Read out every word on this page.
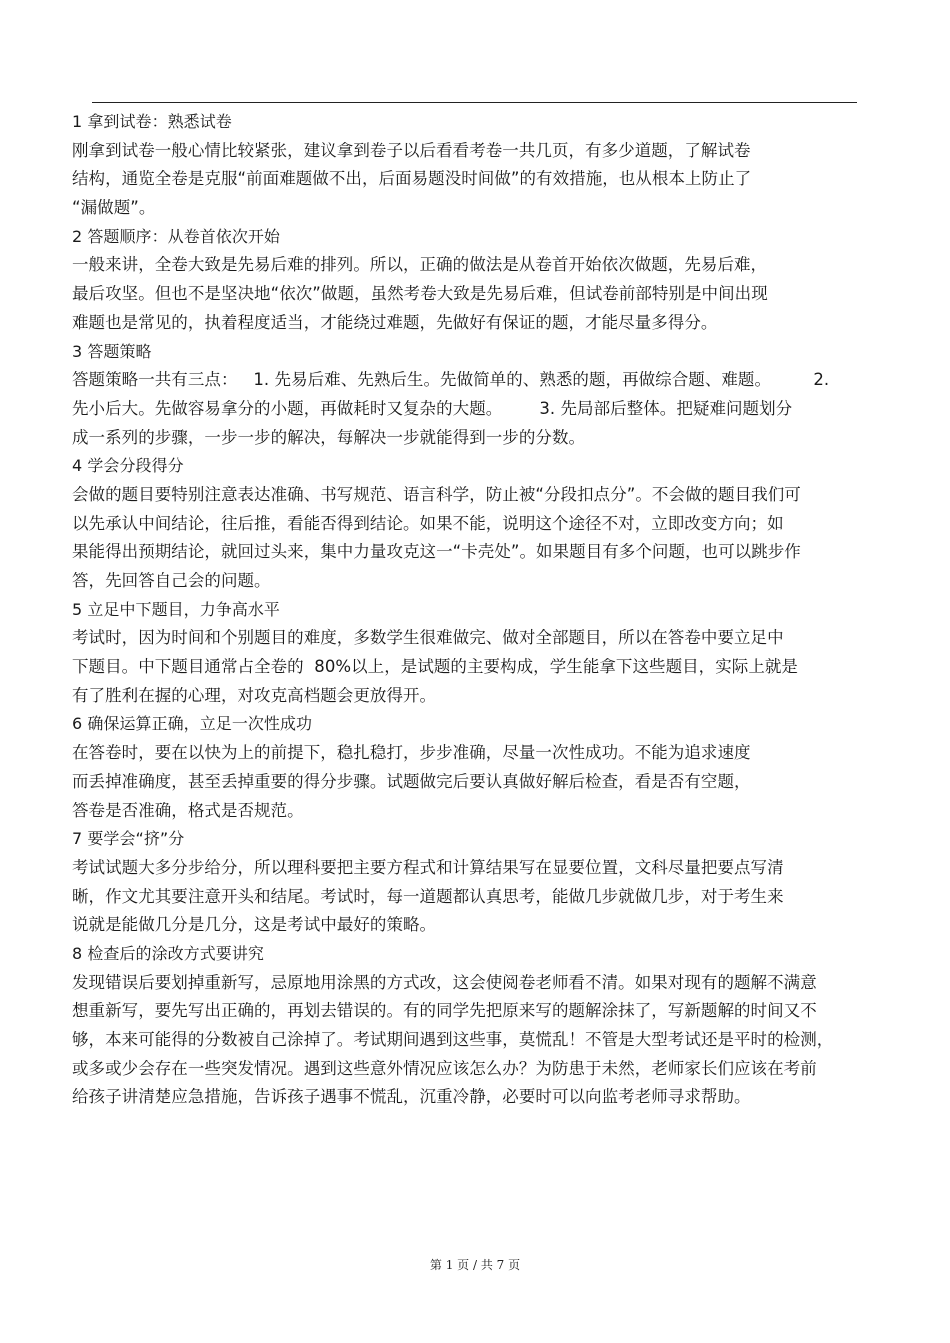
1 拿到试卷：熟悉试卷
刚拿到试卷一般心情比较紧张，建议拿到卷子以后看看考卷一共几页，有多少道题，了解试卷
结构，通览全卷是克服“前面难题做不出，后面易题没时间做”的有效措施，也从根本上防止了
“漏做题”。
2 答题顺序：从卷首依次开始
一般来讲，全卷大致是先易后难的排列。所以，正确的做法是从卷首开始依次做题，先易后难，
最后攻坚。但也不是坚决地“依次”做题，虽然考卷大致是先易后难，但试卷前部特别是中间出现
难题也是常见的，执着程度适当，才能绕过难题，先做好有保证的题，才能尽量多得分。
3 答题策略
答题策略一共有三点：   1. 先易后难、先熟后生。先做简单的、熟悉的题，再做综合题、难题。        2.
先小后大。先做容易拿分的小题，再做耗时又复杂的大题。       3. 先局部后整体。把疑难问题划分
成一系列的步骤，一步一步的解决，每解决一步就能得到一步的分数。
4 学会分段得分
会做的题目要特别注意表达准确、书写规范、语言科学，防止被“分段扣点分”。不会做的题目我们可
以先承认中间结论，往后推，看能否得到结论。如果不能，说明这个途径不对，立即改变方向；如
果能得出预期结论，就回过头来，集中力量攻克这一“卡壳处”。如果题目有多个问题，也可以跳步作
答，先回答自己会的问题。
5 立足中下题目，力争高水平
考试时，因为时间和个别题目的难度，多数学生很难做完、做对全部题目，所以在答卷中要立足中
下题目。中下题目通常占全卷的  80%以上，是试题的主要构成，学生能拿下这些题目，实际上就是
有了胜利在握的心理，对攻克高档题会更放得开。
6 确保运算正确，立足一次性成功
在答卷时，要在以快为上的前提下，稳扎稳打，步步准确，尽量一次性成功。不能为追求速度
而丢掉准确度，甚至丢掉重要的得分步骤。试题做完后要认真做好解后检查，看是否有空题，
答卷是否准确，格式是否规范。
7 要学会“挤”分
考试试题大多分步给分，所以理科要把主要方程式和计算结果写在显要位置，文科尽量把要点写清
晰，作文尤其要注意开头和结尾。考试时，每一道题都认真思考，能做几步就做几步，对于考生来
说就是能做几分是几分，这是考试中最好的策略。
8 检查后的涂改方式要讲究
发现错误后要划掉重新写，忌原地用涂黑的方式改，这会使阅卷老师看不清。如果对现有的题解不满意
想重新写，要先写出正确的，再划去错误的。有的同学先把原来写的题解涂抹了，写新题解的时间又不
够，本来可能得的分数被自己涂掉了。考试期间遇到这些事，莫慌乱！不管是大型考试还是平时的检测，
或多或少会存在一些突发情况。遇到这些意外情况应该怎么办？为防患于未然，老师家长们应该在考前
给孩子讲清楚应急措施，告诉孩子遇事不慌乱，沉重冷静，必要时可以向监考老师寻求帮助。
第 1 页 / 共 7 页
